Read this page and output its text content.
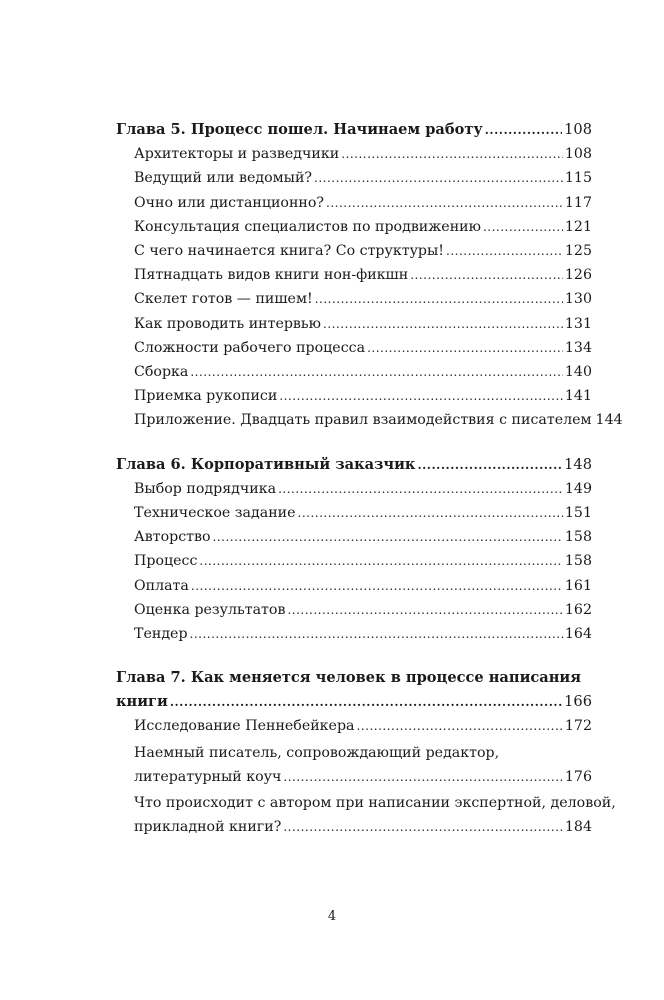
Глава 5. Процесс пошел. Начинаем работу .....	108
Архитекторы и разведчики .....	108
Ведущий или ведомый? .....	115
Очно или дистанционно? .....	117
Консультация специалистов по продвижению .....	121
С чего начинается книга? Со структуры! .....	125
Пятнадцать видов книги нон-фикшн .....	126
Скелет готов — пишем! .....	130
Как проводить интервью .....	131
Сложности рабочего процесса .....	134
Сборка .....	140
Приемка рукописи .....	141
Приложение. Двадцать правил взаимодействия с писателем 144
Глава 6. Корпоративный заказчик .....	148
Выбор подрядчика .....	149
Техническое задание .....	151
Авторство .....	158
Процесс .....	158
Оплата .....	161
Оценка результатов .....	162
Тендер .....	164
Глава 7. Как меняется человек в процессе написания
книги .....	166
Исследование Пеннебейкера .....	172
Наемный писатель, сопровождающий редактор,
литературный коуч .....	176
Что происходит с автором при написании экспертной, деловой,
прикладной книги? .....	184
4
